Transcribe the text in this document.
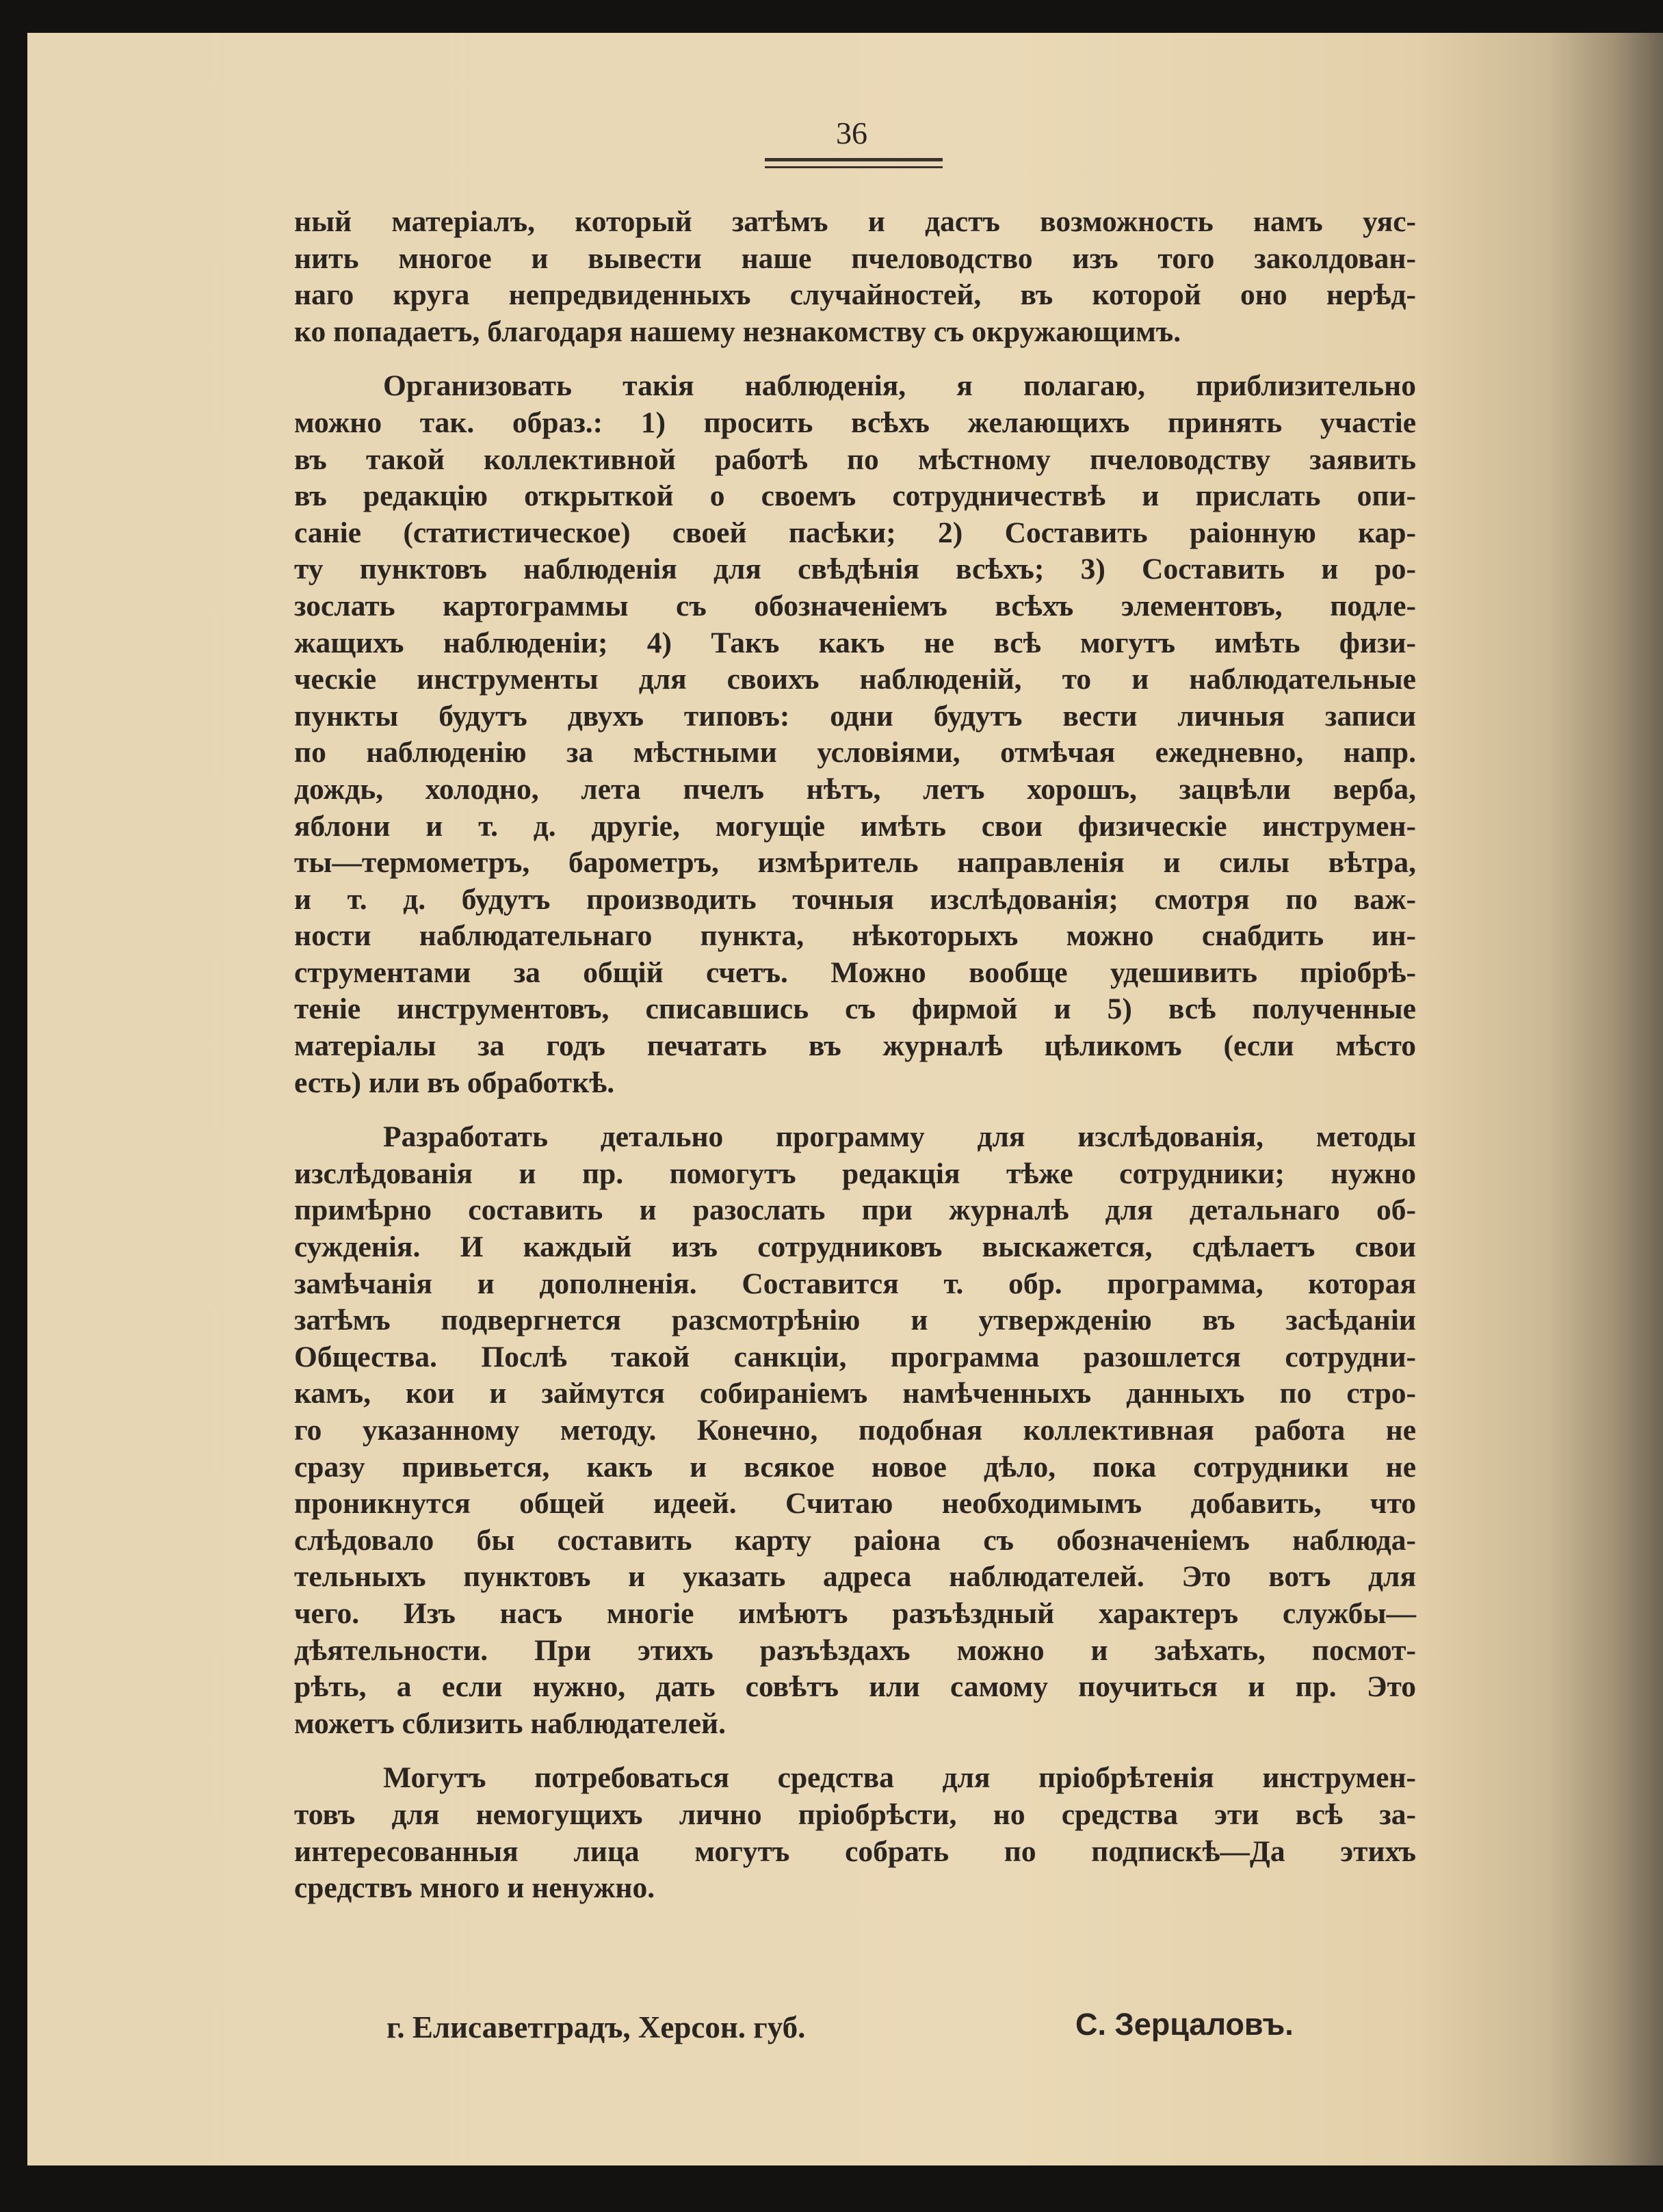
36
ный матеріалъ, который затѣмъ и дастъ возможность намъ уяс-
нить многое и вывести наше пчеловодство изъ того заколдован-
наго круга непредвиденныхъ случайностей, въ которой оно нерѣд-
ко попадаетъ, благодаря нашему незнакомству съ окружающимъ.
Организовать такія наблюденія, я полагаю, приблизительно
можно так. образ.: 1) просить всѣхъ желающихъ принять участіе
въ такой коллективной работѣ по мѣстному пчеловодству заявить
въ редакцію открыткой о своемъ сотрудничествѣ и прислать опи-
саніе (статистическое) своей пасѣки; 2) Составить раіонную кар-
ту пунктовъ наблюденія для свѣдѣнія всѣхъ; 3) Составить и ро-
зослать картограммы съ обозначеніемъ всѣхъ элементовъ, подле-
жащихъ наблюденіи; 4) Такъ какъ не всѣ могутъ имѣть физи-
ческіе инструменты для своихъ наблюденій, то и наблюдательные
пункты будутъ двухъ типовъ: одни будутъ вести личныя записи
по наблюденію за мѣстными условіями, отмѣчая ежедневно, напр.
дождь, холодно, лета пчелъ нѣтъ, летъ хорошъ, зацвѣли верба,
яблони и т. д. другіе, могущіе имѣть свои физическіе инструмен-
ты—термометръ, барометръ, измѣритель направленія и силы вѣтра,
и т. д. будутъ производить точныя изслѣдованія; смотря по важ-
ности наблюдательнаго пункта, нѣкоторыхъ можно снабдить ин-
струментами за общій счетъ. Можно вообще удешивить пріобрѣ-
теніе инструментовъ, списавшись съ фирмой и 5) всѣ полученные
матеріалы за годъ печатать въ журналѣ цѣликомъ (если мѣсто
есть) или въ обработкѣ.
Разработать детально программу для изслѣдованія, методы
изслѣдованія и пр. помогутъ редакція тѣже сотрудники; нужно
примѣрно составить и разослать при журналѣ для детальнаго об-
сужденія. И каждый изъ сотрудниковъ выскажется, сдѣлаетъ свои
замѣчанія и дополненія. Составится т. обр. программа, которая
затѣмъ подвергнется разсмотрѣнію и утвержденію въ засѣданіи
Общества. Послѣ такой санкціи, программа разошлется сотрудни-
камъ, кои и займутся собираніемъ намѣченныхъ данныхъ по стро-
го указанному методу. Конечно, подобная коллективная работа не
сразу привьется, какъ и всякое новое дѣло, пока сотрудники не
проникнутся общей идеей. Считаю необходимымъ добавить, что
слѣдовало бы составить карту раіона съ обозначеніемъ наблюда-
тельныхъ пунктовъ и указать адреса наблюдателей. Это вотъ для
чего. Изъ насъ многіе имѣютъ разъѣздный характеръ службы—
дѣятельности. При этихъ разъѣздахъ можно и заѣхать, посмот-
рѣть, а если нужно, дать совѣтъ или самому поучиться и пр. Это
можетъ сблизить наблюдателей.
Могутъ потребоваться средства для пріобрѣтенія инструмен-
товъ для немогущихъ лично пріобрѣсти, но средства эти всѣ за-
интересованныя лица могутъ собрать по подпискѣ—Да этихъ
средствъ много и ненужно.
г. Елисаветградъ, Херсон. губ.	С. Зерцаловъ.
